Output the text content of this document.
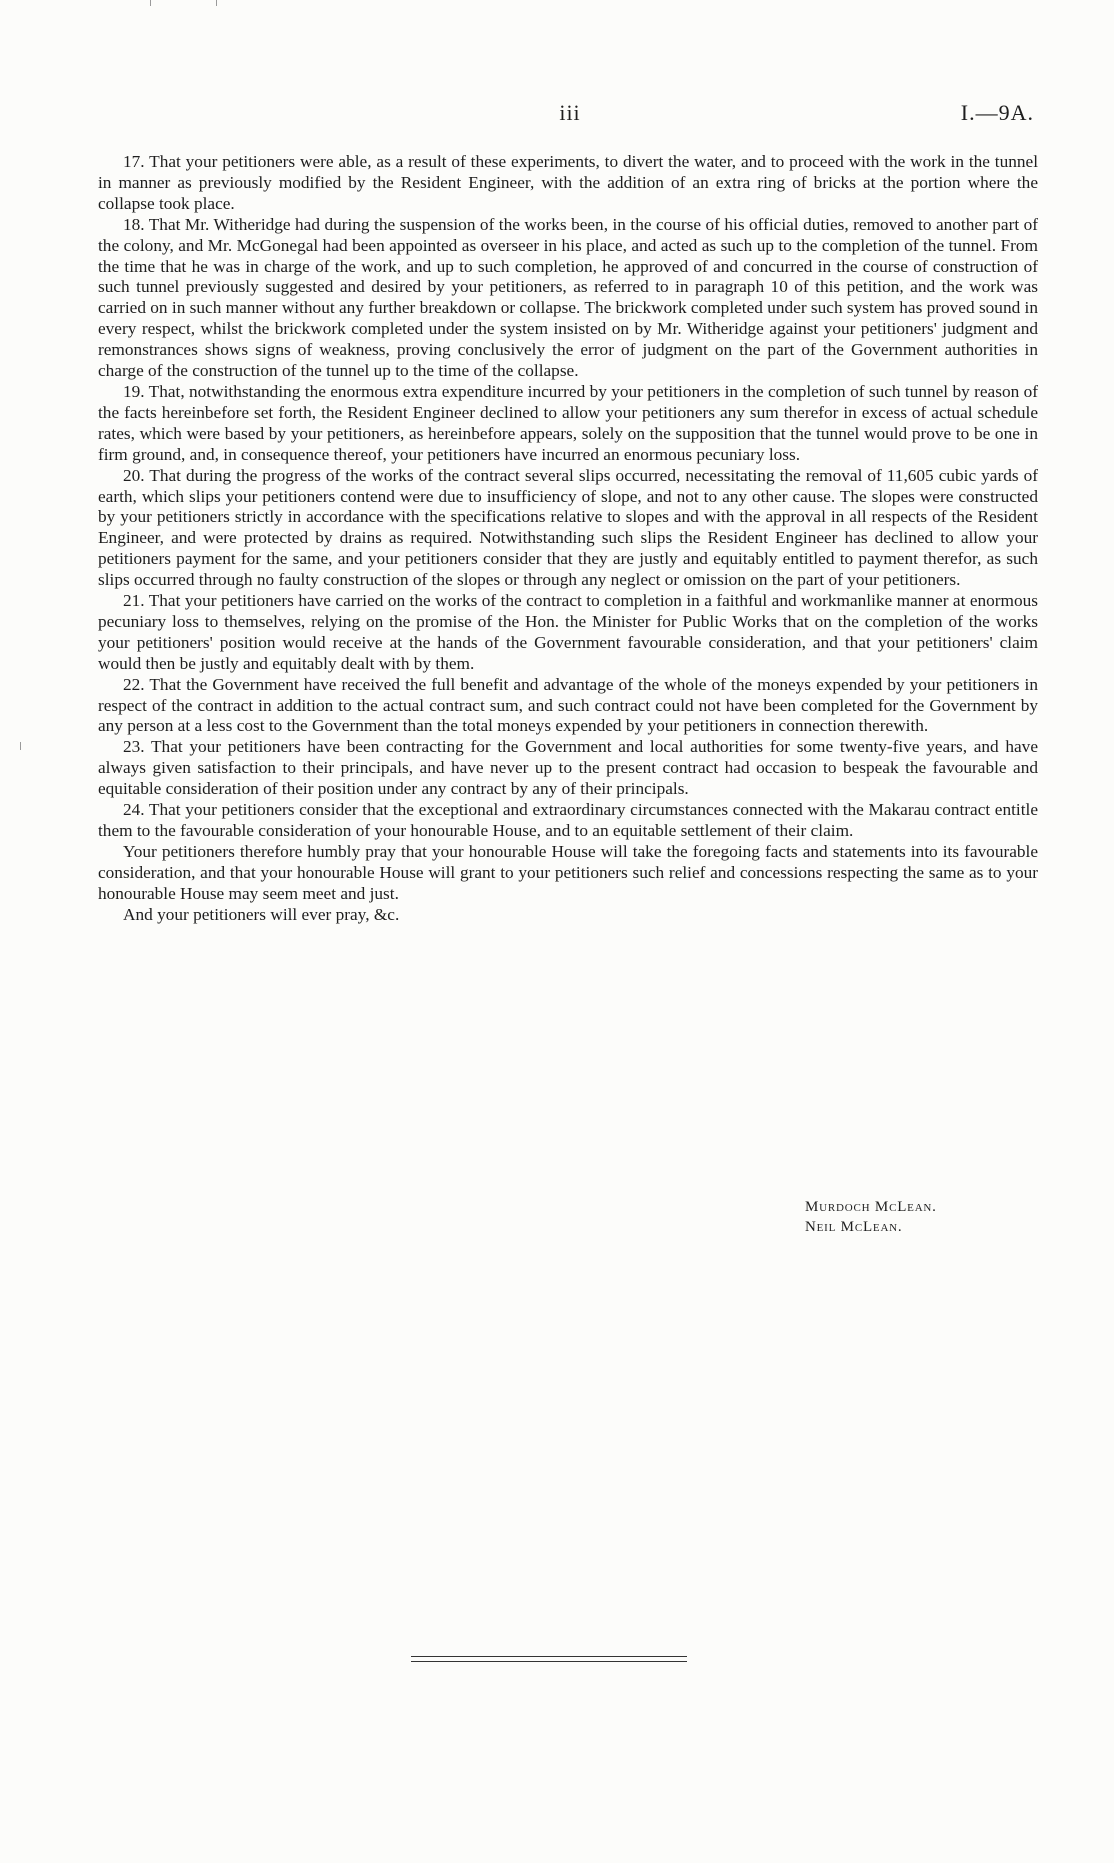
iii	I.—9A.

17. That your petitioners were able, as a result of these experiments, to divert the water, and to proceed with the work in the tunnel in manner as previously modified by the Resident Engineer, with the addition of an extra ring of bricks at the portion where the collapse took place.

18. That Mr. Witheridge had during the suspension of the works been, in the course of his official duties, removed to another part of the colony, and Mr. McGonegal had been appointed as overseer in his place, and acted as such up to the completion of the tunnel. From the time that he was in charge of the work, and up to such completion, he approved of and concurred in the course of construction of such tunnel previously suggested and desired by your petitioners, as referred to in paragraph 10 of this petition, and the work was carried on in such manner without any further breakdown or collapse. The brickwork completed under such system has proved sound in every respect, whilst the brickwork completed under the system insisted on by Mr. Witheridge against your petitioners' judgment and remonstrances shows signs of weakness, proving conclusively the error of judgment on the part of the Government authorities in charge of the construction of the tunnel up to the time of the collapse.

19. That, notwithstanding the enormous extra expenditure incurred by your petitioners in the completion of such tunnel by reason of the facts hereinbefore set forth, the Resident Engineer declined to allow your petitioners any sum therefor in excess of actual schedule rates, which were based by your petitioners, as hereinbefore appears, solely on the supposition that the tunnel would prove to be one in firm ground, and, in consequence thereof, your petitioners have incurred an enormous pecuniary loss.

20. That during the progress of the works of the contract several slips occurred, necessitating the removal of 11,605 cubic yards of earth, which slips your petitioners contend were due to insufficiency of slope, and not to any other cause. The slopes were constructed by your petitioners strictly in accordance with the specifications relative to slopes and with the approval in all respects of the Resident Engineer, and were protected by drains as required. Notwithstanding such slips the Resident Engineer has declined to allow your petitioners payment for the same, and your petitioners consider that they are justly and equitably entitled to payment therefor, as such slips occurred through no faulty construction of the slopes or through any neglect or omission on the part of your petitioners.

21. That your petitioners have carried on the works of the contract to completion in a faithful and workmanlike manner at enormous pecuniary loss to themselves, relying on the promise of the Hon. the Minister for Public Works that on the completion of the works your petitioners' position would receive at the hands of the Government favourable consideration, and that your petitioners' claim would then be justly and equitably dealt with by them.

22. That the Government have received the full benefit and advantage of the whole of the moneys expended by your petitioners in respect of the contract in addition to the actual contract sum, and such contract could not have been completed for the Government by any person at a less cost to the Government than the total moneys expended by your petitioners in connection therewith.

23. That your petitioners have been contracting for the Government and local authorities for some twenty-five years, and have always given satisfaction to their principals, and have never up to the present contract had occasion to bespeak the favourable and equitable consideration of their position under any contract by any of their principals.

24. That your petitioners consider that the exceptional and extraordinary circumstances connected with the Makarau contract entitle them to the favourable consideration of your honourable House, and to an equitable settlement of their claim.

Your petitioners therefore humbly pray that your honourable House will take the foregoing facts and statements into its favourable consideration, and that your honourable House will grant to your petitioners such relief and concessions respecting the same as to your honourable House may seem meet and just.

And your petitioners will ever pray, &c.

Murdoch McLean.
Neil McLean.
